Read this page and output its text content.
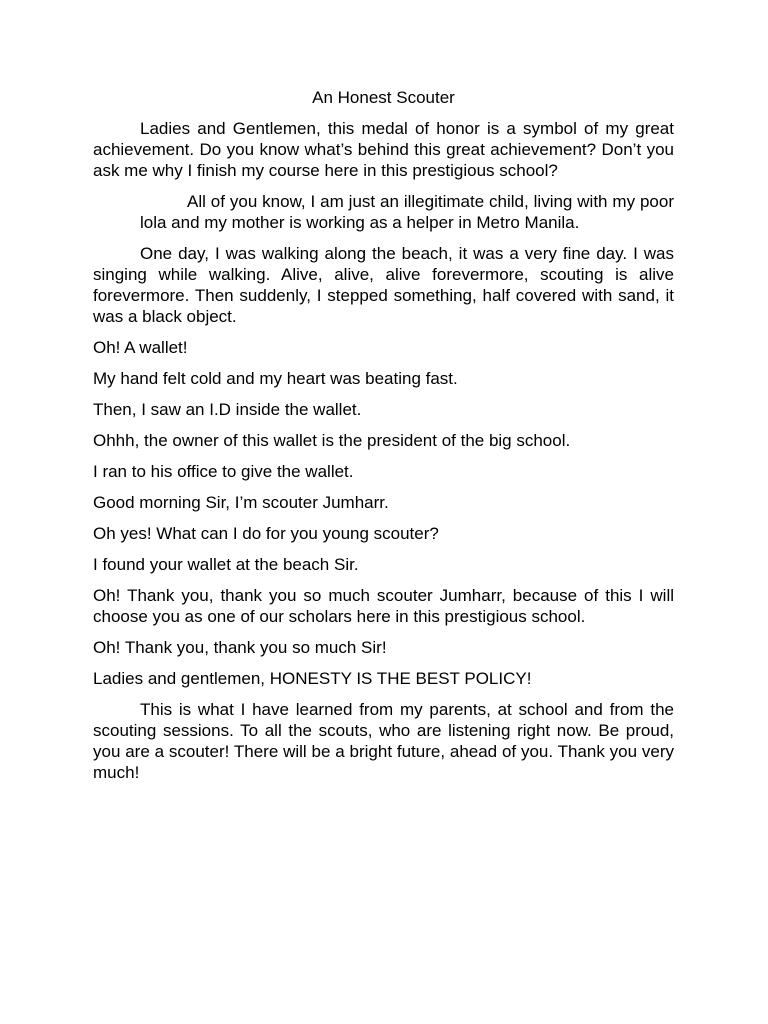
An Honest Scouter

Ladies and Gentlemen, this medal of honor is a symbol of my great achievement. Do you know what’s behind this great achievement? Don’t you ask me why I finish my course here in this prestigious school?

All of you know, I am just an illegitimate child, living with my poor lola and my mother is working as a helper in Metro Manila.

One day, I was walking along the beach, it was a very fine day. I was singing while walking. Alive, alive, alive forevermore, scouting is alive forevermore. Then suddenly, I stepped something, half covered with sand, it was a black object.

Oh! A wallet!

My hand felt cold and my heart was beating fast.

Then, I saw an I.D inside the wallet.

Ohhh, the owner of this wallet is the president of the big school.

I ran to his office to give the wallet.

Good morning Sir, I’m scouter Jumharr.

Oh yes! What can I do for you young scouter?

I found your wallet at the beach Sir.

Oh! Thank you, thank you so much scouter Jumharr, because of this I will choose you as one of our scholars here in this prestigious school.

Oh! Thank you, thank you so much Sir!

Ladies and gentlemen, HONESTY IS THE BEST POLICY!

This is what I have learned from my parents, at school and from the scouting sessions. To all the scouts, who are listening right now. Be proud, you are a scouter! There will be a bright future, ahead of you. Thank you very much!
